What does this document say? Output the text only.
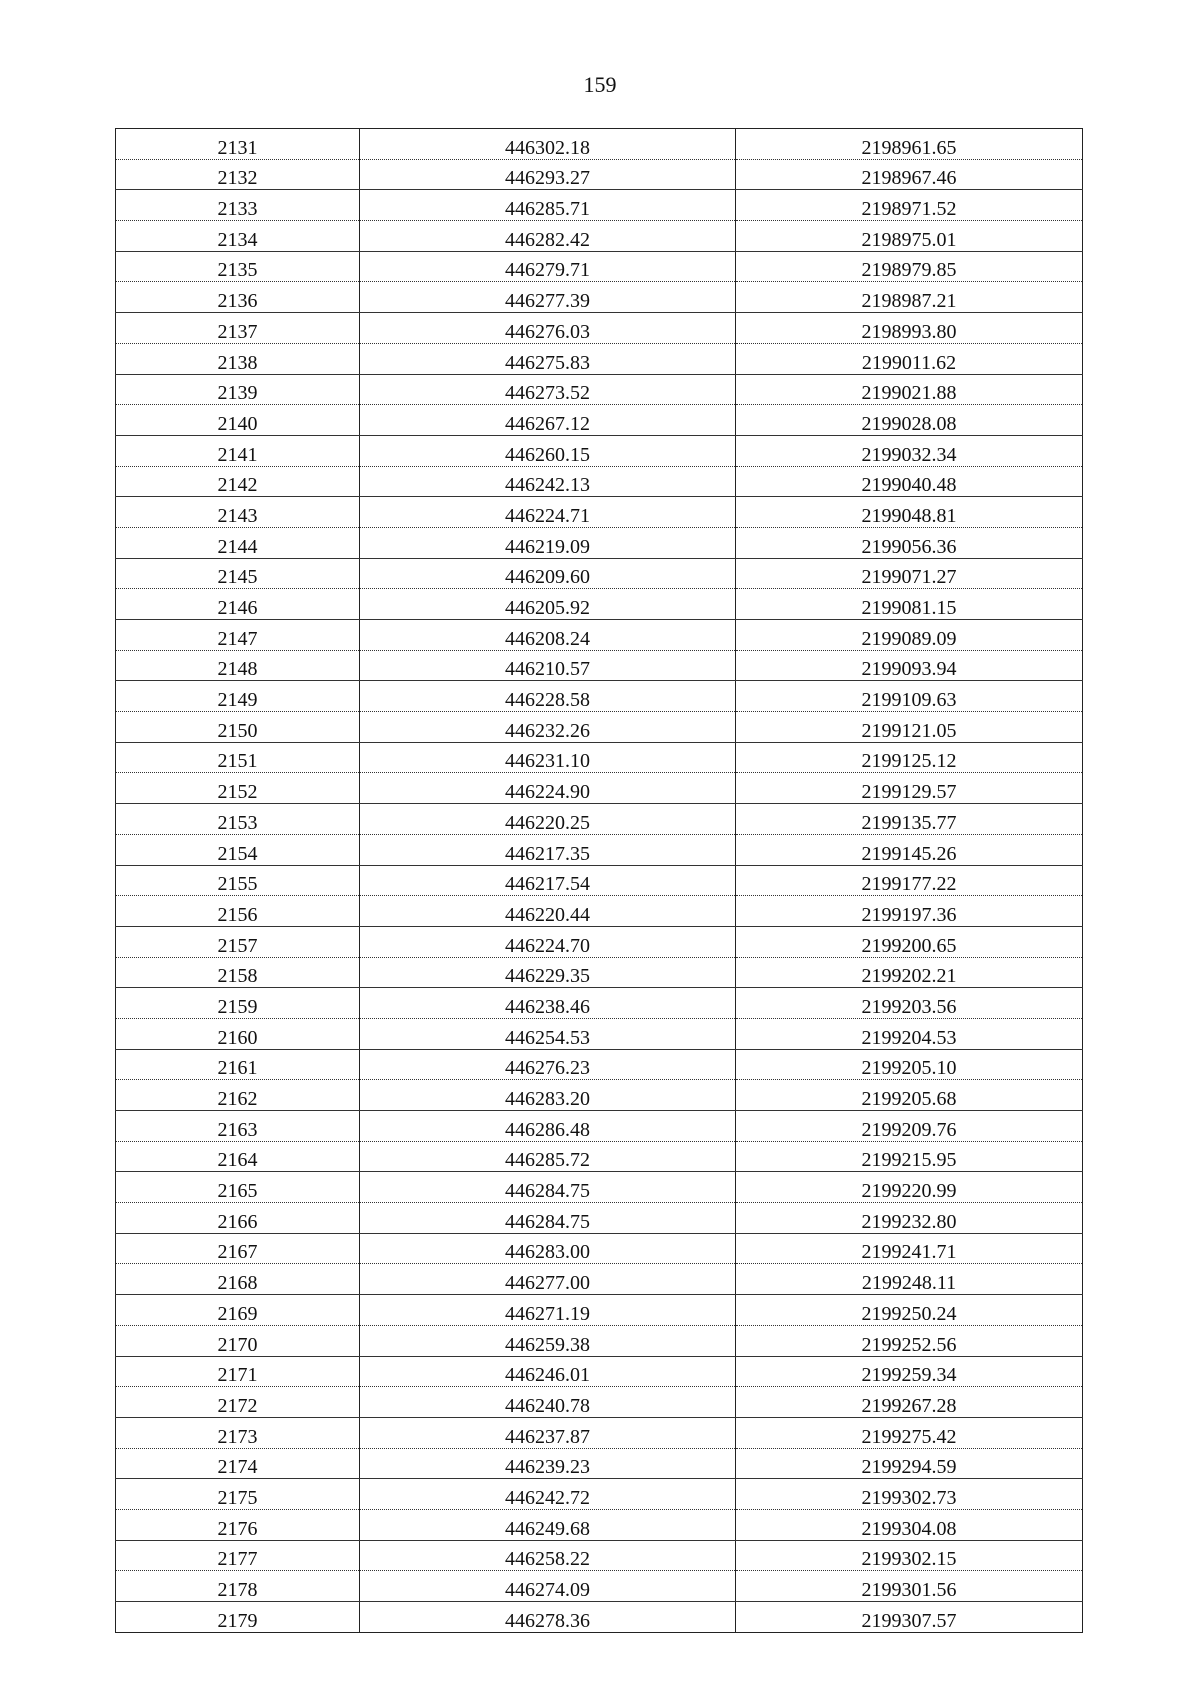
159
2131	446302.18	2198961.65
2132	446293.27	2198967.46
2133	446285.71	2198971.52
2134	446282.42	2198975.01
2135	446279.71	2198979.85
2136	446277.39	2198987.21
2137	446276.03	2198993.80
2138	446275.83	2199011.62
2139	446273.52	2199021.88
2140	446267.12	2199028.08
2141	446260.15	2199032.34
2142	446242.13	2199040.48
2143	446224.71	2199048.81
2144	446219.09	2199056.36
2145	446209.60	2199071.27
2146	446205.92	2199081.15
2147	446208.24	2199089.09
2148	446210.57	2199093.94
2149	446228.58	2199109.63
2150	446232.26	2199121.05
2151	446231.10	2199125.12
2152	446224.90	2199129.57
2153	446220.25	2199135.77
2154	446217.35	2199145.26
2155	446217.54	2199177.22
2156	446220.44	2199197.36
2157	446224.70	2199200.65
2158	446229.35	2199202.21
2159	446238.46	2199203.56
2160	446254.53	2199204.53
2161	446276.23	2199205.10
2162	446283.20	2199205.68
2163	446286.48	2199209.76
2164	446285.72	2199215.95
2165	446284.75	2199220.99
2166	446284.75	2199232.80
2167	446283.00	2199241.71
2168	446277.00	2199248.11
2169	446271.19	2199250.24
2170	446259.38	2199252.56
2171	446246.01	2199259.34
2172	446240.78	2199267.28
2173	446237.87	2199275.42
2174	446239.23	2199294.59
2175	446242.72	2199302.73
2176	446249.68	2199304.08
2177	446258.22	2199302.15
2178	446274.09	2199301.56
2179	446278.36	2199307.57
